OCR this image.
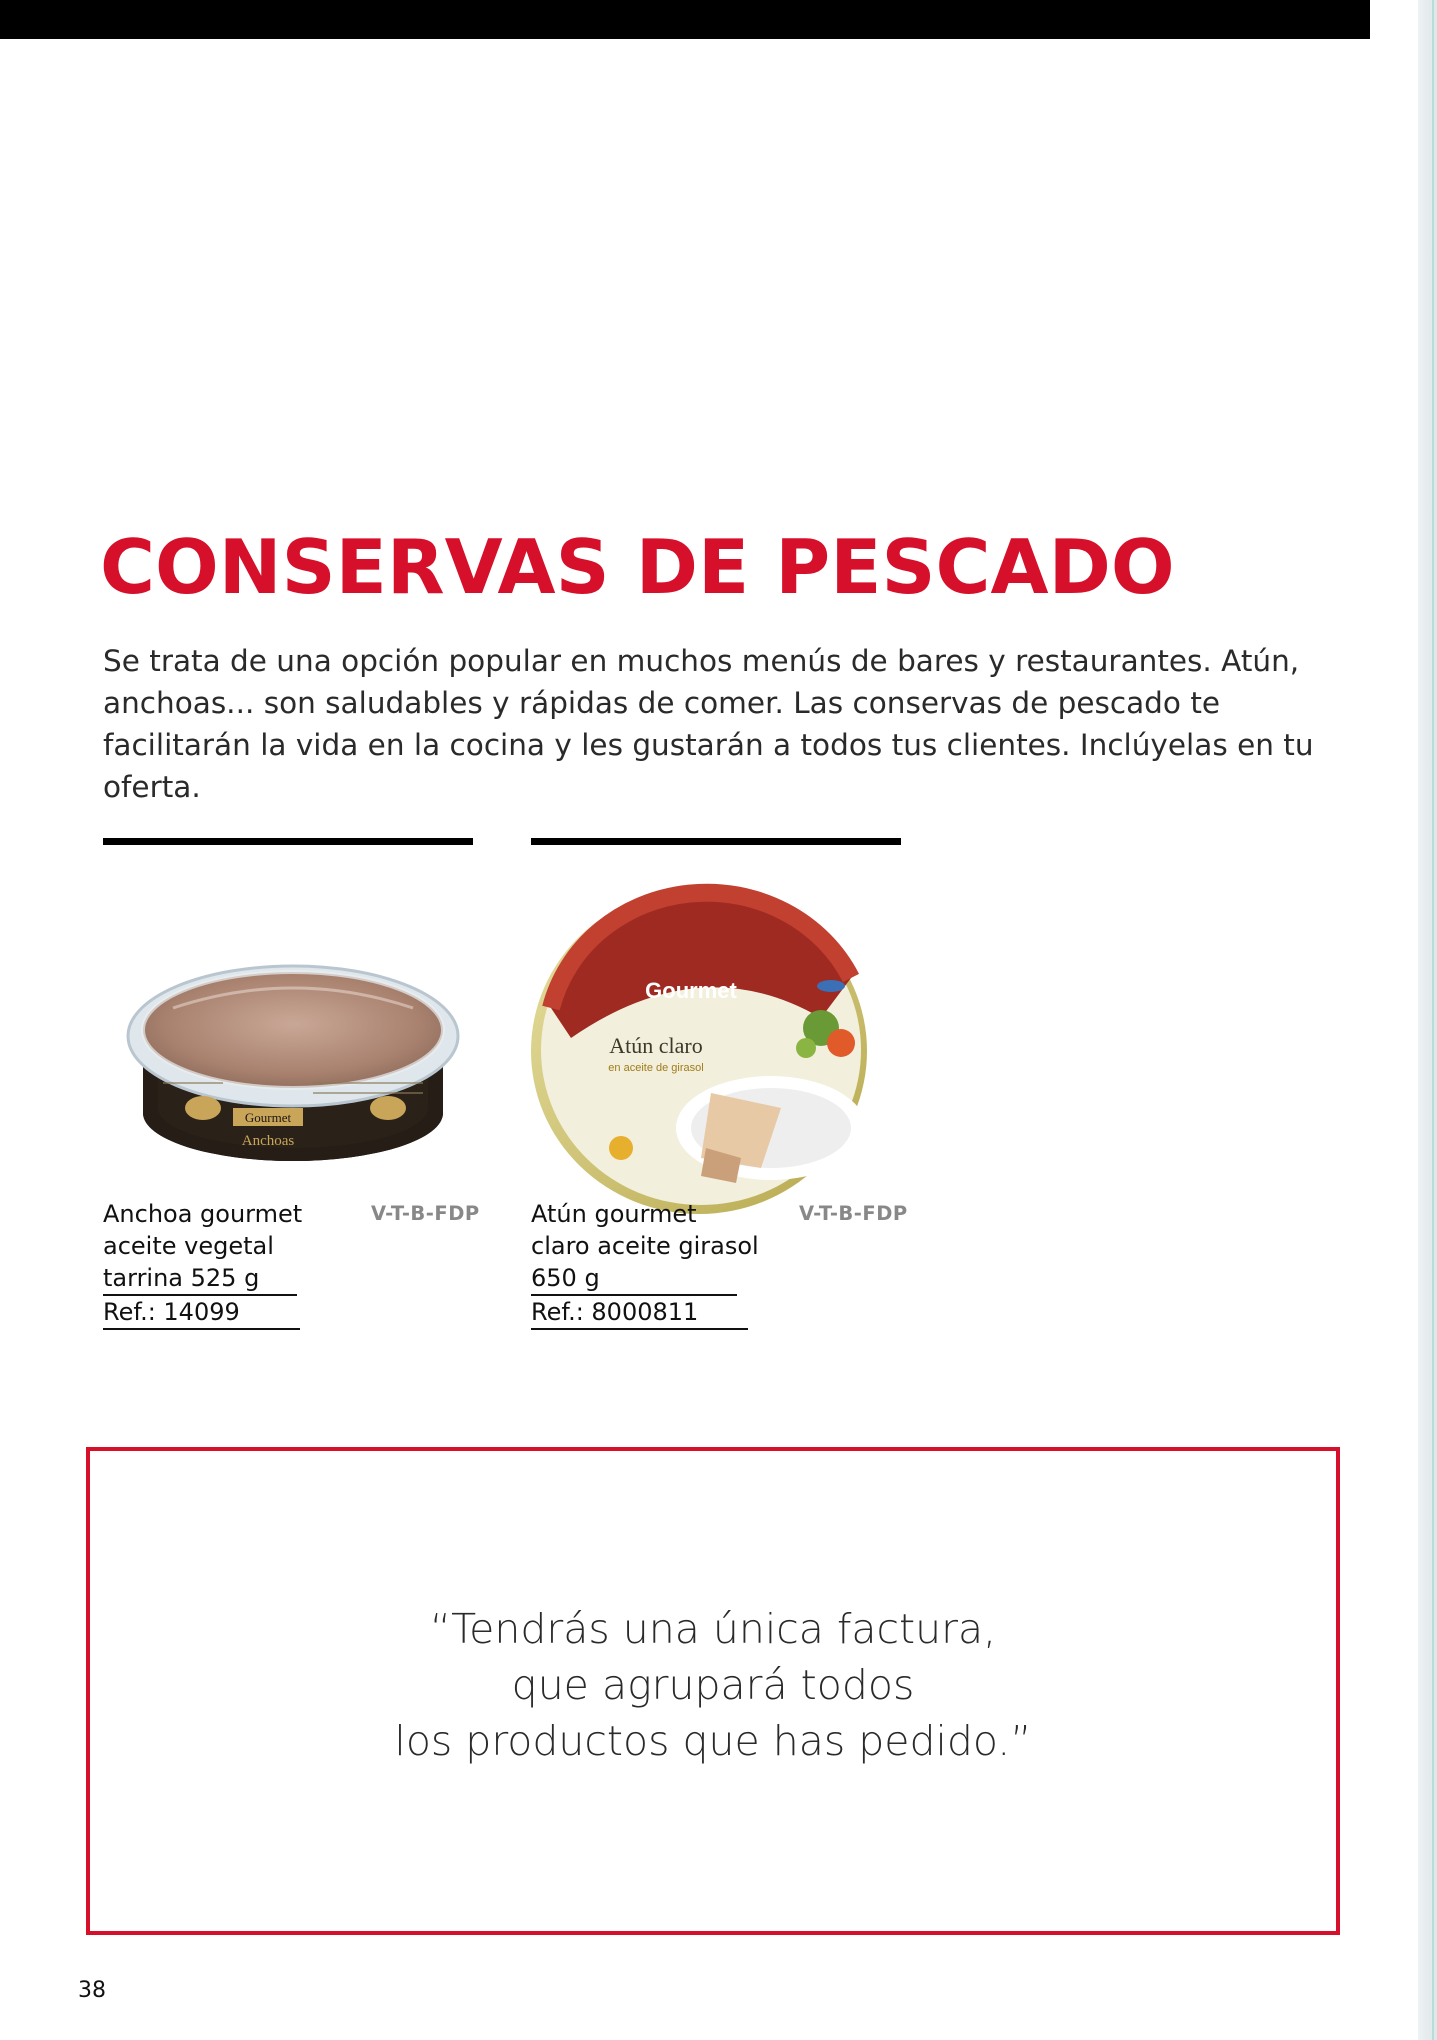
CONSERVAS DE PESCADO

Se trata de una opción popular en muchos menús de bares y restaurantes. Atún, anchoas... son saludables y rápidas de comer. Las conservas de pescado te facilitarán la vida en la cocina y les gustarán a todos tus clientes. Inclúyelas en tu oferta.

Gourmet
Anchoas

Anchoa gourmet
aceite vegetal
tarrina 525 g
Ref.: 14099

V-T-B-FDP
Gourmet
Atún claro
en aceite de girasol

Atún gourmet
claro aceite girasol
650 g
Ref.: 8000811

V-T-B-FDP

“Tendrás una única factura,
que agrupará todos
los productos que has pedido.”

38
